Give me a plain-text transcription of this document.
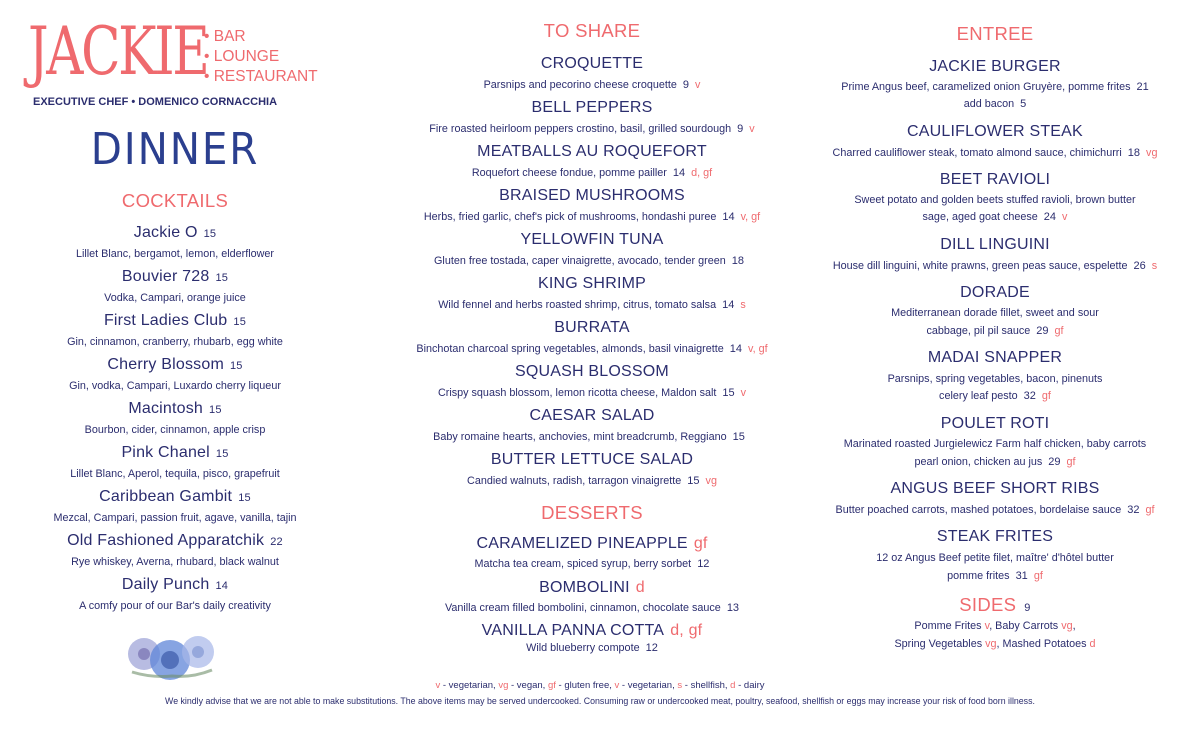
JACKIE
• BAR
• LOUNGE
• RESTAURANT
EXECUTIVE CHEF • DOMENICO CORNACCHIA
DINNER
COCKTAILS
Jackie O 15
Lillet Blanc, bergamot, lemon, elderflower
Bouvier 728 15
Vodka, Campari, orange juice
First Ladies Club 15
Gin, cinnamon, cranberry, rhubarb, egg white
Cherry Blossom 15
Gin, vodka, Campari, Luxardo cherry liqueur
Macintosh 15
Bourbon, cider, cinnamon, apple crisp
Pink Chanel 15
Lillet Blanc, Aperol, tequila, pisco, grapefruit
Caribbean Gambit 15
Mezcal, Campari, passion fruit, agave, vanilla, tajin
Old Fashioned Apparatchik 22
Rye whiskey, Averna, rhubard, black walnut
Daily Punch 14
A comfy pour of our Bar's daily creativity
TO SHARE
CROQUETTE
Parsnips and pecorino cheese croquette 9 v
BELL PEPPERS
Fire roasted heirloom peppers crostino, basil, grilled sourdough 9 v
MEATBALLS AU ROQUEFORT
Roquefort cheese fondue, pomme pailler 14 d, gf
BRAISED MUSHROOMS
Herbs, fried garlic, chef's pick of mushrooms, hondashi puree 14 v, gf
YELLOWFIN TUNA
Gluten free tostada, caper vinaigrette, avocado, tender green 18
KING SHRIMP
Wild fennel and herbs roasted shrimp, citrus, tomato salsa 14 s
BURRATA
Binchotan charcoal spring vegetables, almonds, basil vinaigrette 14 v, gf
SQUASH BLOSSOM
Crispy squash blossom, lemon ricotta cheese, Maldon salt 15 v
CAESAR SALAD
Baby romaine hearts, anchovies, mint breadcrumb, Reggiano 15
BUTTER LETTUCE SALAD
Candied walnuts, radish, tarragon vinaigrette 15 vg
DESSERTS
CARAMELIZED PINEAPPLE gf
Matcha tea cream, spiced syrup, berry sorbet 12
BOMBOLINI d
Vanilla cream filled bombolini, cinnamon, chocolate sauce 13
VANILLA PANNA COTTA d, gf
Wild blueberry compote 12
ENTREE
JACKIE BURGER
Prime Angus beef, caramelized onion Gruyère, pomme frites 21
add bacon 5
CAULIFLOWER STEAK
Charred cauliflower steak, tomato almond sauce, chimichurri 18 vg
BEET RAVIOLI
Sweet potato and golden beets stuffed ravioli, brown butter
sage, aged goat cheese 24 v
DILL LINGUINI
House dill linguini, white prawns, green peas sauce, espelette 26 s
DORADE
Mediterranean dorade fillet, sweet and sour
cabbage, pil pil sauce 29 gf
MADAI SNAPPER
Parsnips, spring vegetables, bacon, pinenuts
celery leaf pesto 32 gf
POULET ROTI
Marinated roasted Jurgielewicz Farm half chicken, baby carrots
pearl onion, chicken au jus 29 gf
ANGUS BEEF SHORT RIBS
Butter poached carrots, mashed potatoes, bordelaise sauce 32 gf
STEAK FRITES
12 oz Angus Beef petite filet, maître' d'hôtel butter
pomme frites 31 gf
SIDES 9
Pomme Frites v, Baby Carrots vg,
Spring Vegetables vg, Mashed Potatoes d
v - vegetarian, vg - vegan, gf - gluten free, v - vegetarian, s - shellfish, d - dairy
We kindly advise that we are not able to make substitutions. The above items may be served undercooked. Consuming raw or undercooked meat, poultry, seafood, shellfish or eggs may increase your risk of food born illness.
